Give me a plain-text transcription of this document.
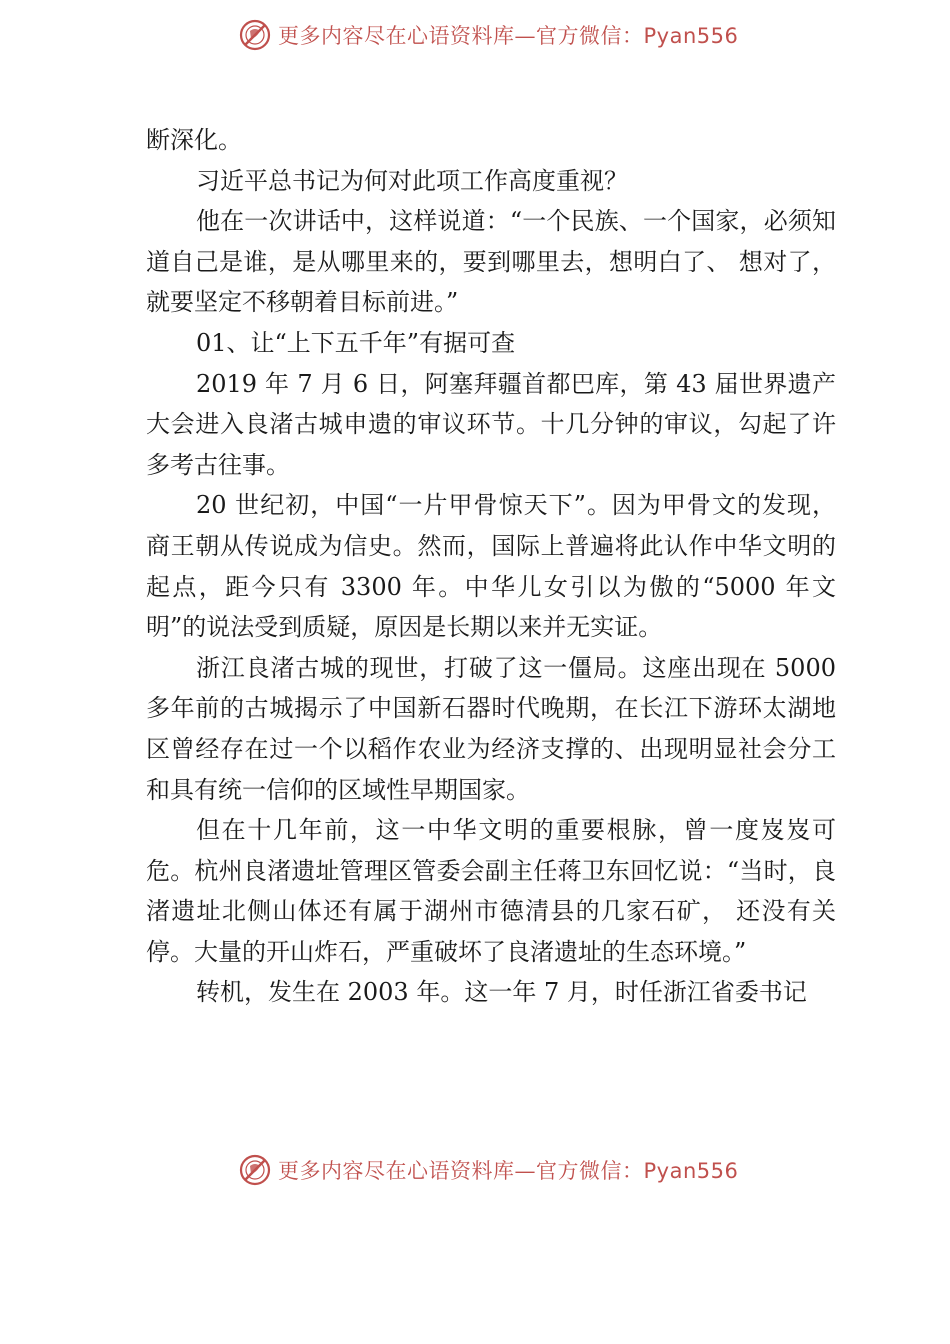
更多内容尽在心语资料库—官方微信：Pyan556

断深化。

习近平总书记为何对此项工作高度重视？

他在一次讲话中，这样说道：“一个民族、一个国家，必须知道自己是谁，是从哪里来的，要到哪里去，想明白了、 想对了，就要坚定不移朝着目标前进。”

01、让“上下五千年”有据可查

2019 年 7 月 6 日，阿塞拜疆首都巴库，第 43 届世界遗产大会进入良渚古城申遗的审议环节。十几分钟的审议，勾起了许多考古往事。

20 世纪初，中国“一片甲骨惊天下”。因为甲骨文的发现， 商王朝从传说成为信史。然而，国际上普遍将此认作中华文明的起点，距今只有 3300 年。中华儿女引以为傲的“5000 年文明”的说法受到质疑，原因是长期以来并无实证。

浙江良渚古城的现世，打破了这一僵局。这座出现在 5000 多年前的古城揭示了中国新石器时代晚期，在长江下游环太湖地区曾经存在过一个以稻作农业为经济支撑的、出现明显社会分工和具有统一信仰的区域性早期国家。

但在十几年前，这一中华文明的重要根脉，曾一度岌岌可危。杭州良渚遗址管理区管委会副主任蒋卫东回忆说：“当时，良渚遗址北侧山体还有属于湖州市德清县的几家石矿， 还没有关停。大量的开山炸石，严重破坏了良渚遗址的生态环境。”

转机，发生在 2003 年。这一年 7 月，时任浙江省委书记

更多内容尽在心语资料库—官方微信：Pyan556
